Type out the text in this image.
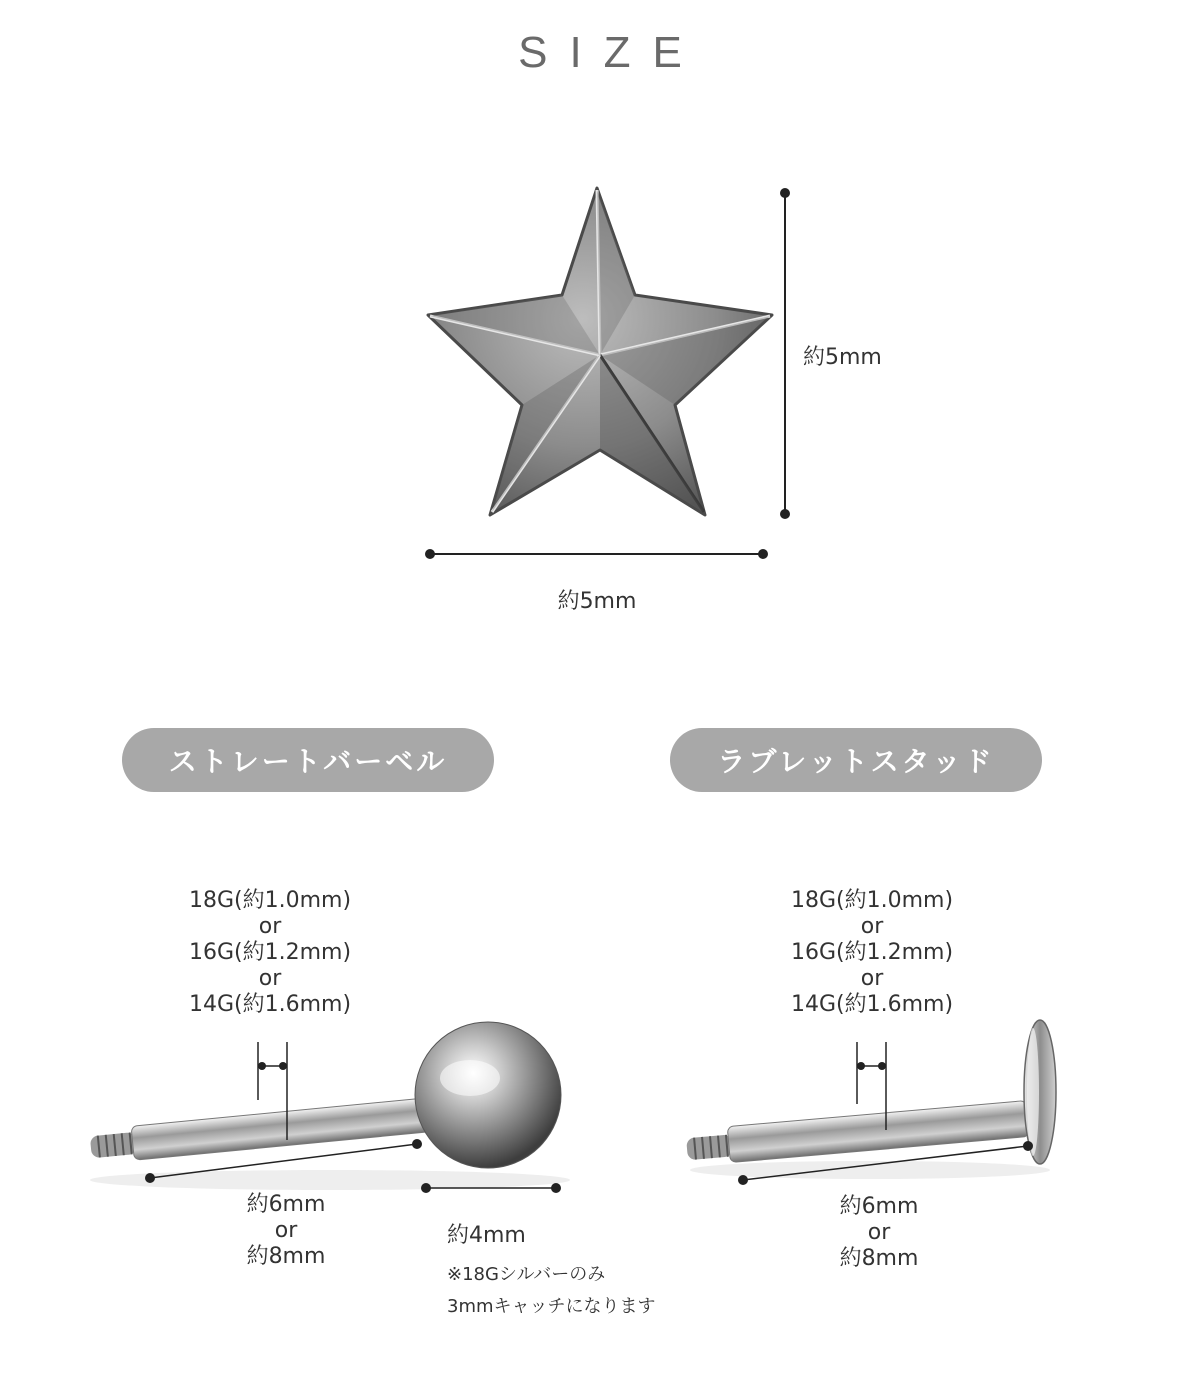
SIZE
約5mm
約5mm
ストレートバーベル	ラブレットスタッド
18G(約1.0mm)
or
16G(約1.2mm)
or
14G(約1.6mm)
約6mm
or
約8mm
約4mm
※18Gシルバーのみ
3mmキャッチになります
18G(約1.0mm)
or
16G(約1.2mm)
or
14G(約1.6mm)
約6mm
or
約8mm
